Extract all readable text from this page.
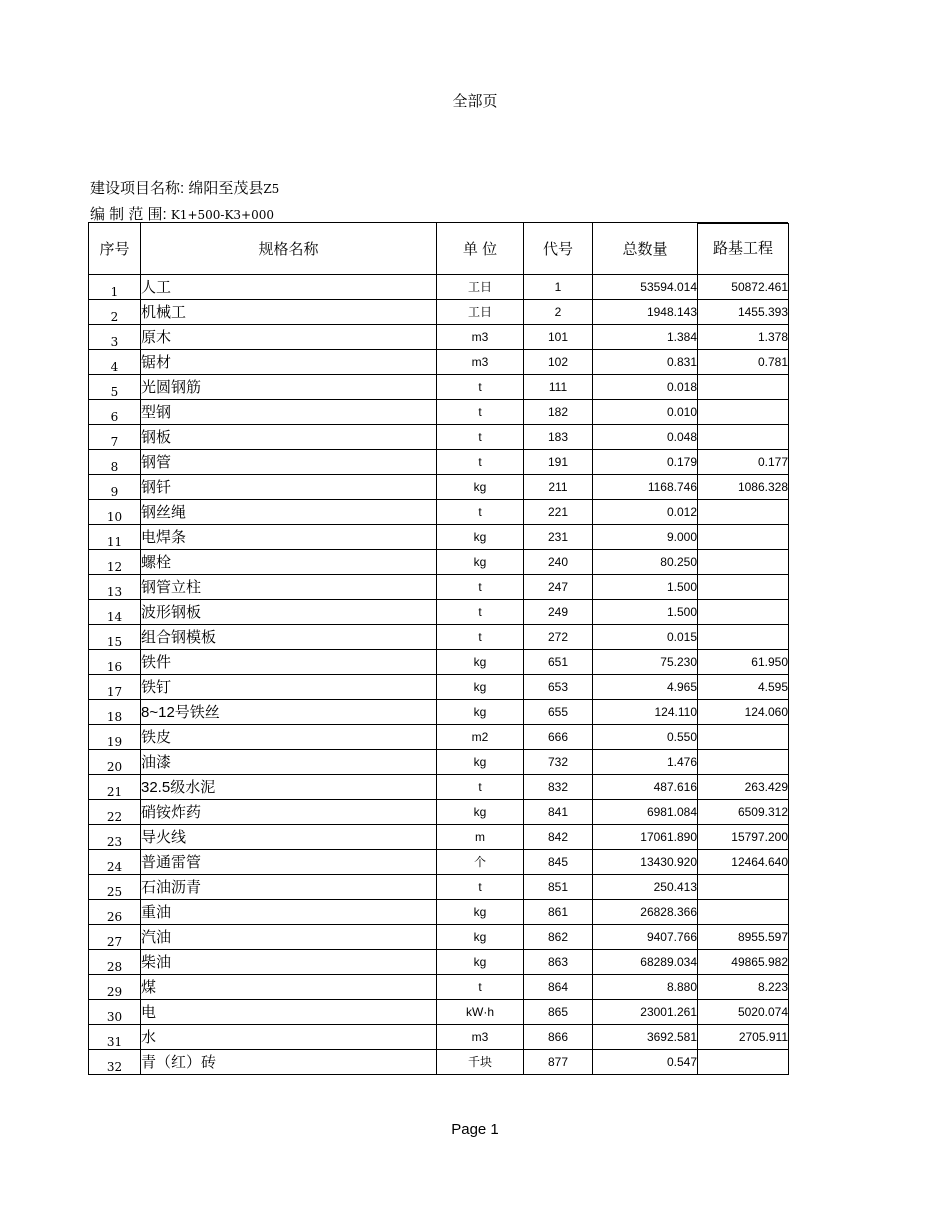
全部页
建设项目名称: 绵阳至茂县Z5
编 制 范 围: K1+500-K3+000
序号	规格名称	单 位	代号	总数量	路基工程

1	人工	工日	1	53594.014	50872.461
2	机械工	工日	2	1948.143	1455.393
3	原木	m3	101	1.384	1.378
4	锯材	m3	102	0.831	0.781
5	光圆钢筋	t	111	0.018	
6	型钢	t	182	0.010	
7	钢板	t	183	0.048	
8	钢管	t	191	0.179	0.177
9	钢钎	kg	211	1168.746	1086.328
10	钢丝绳	t	221	0.012	
11	电焊条	kg	231	9.000	
12	螺栓	kg	240	80.250	
13	钢管立柱	t	247	1.500	
14	波形钢板	t	249	1.500	
15	组合钢模板	t	272	0.015	
16	铁件	kg	651	75.230	61.950
17	铁钉	kg	653	4.965	4.595
18	8~12号铁丝	kg	655	124.110	124.060
19	铁皮	m2	666	0.550	
20	油漆	kg	732	1.476	
21	32.5级水泥	t	832	487.616	263.429
22	硝铵炸药	kg	841	6981.084	6509.312
23	导火线	m	842	17061.890	15797.200
24	普通雷管	个	845	13430.920	12464.640
25	石油沥青	t	851	250.413	
26	重油	kg	861	26828.366	
27	汽油	kg	862	9407.766	8955.597
28	柴油	kg	863	68289.034	49865.982
29	煤	t	864	8.880	8.223
30	电	kW·h	865	23001.261	5020.074
31	水	m3	866	3692.581	2705.911
32	青（红）砖	千块	877	0.547	
Page 1
